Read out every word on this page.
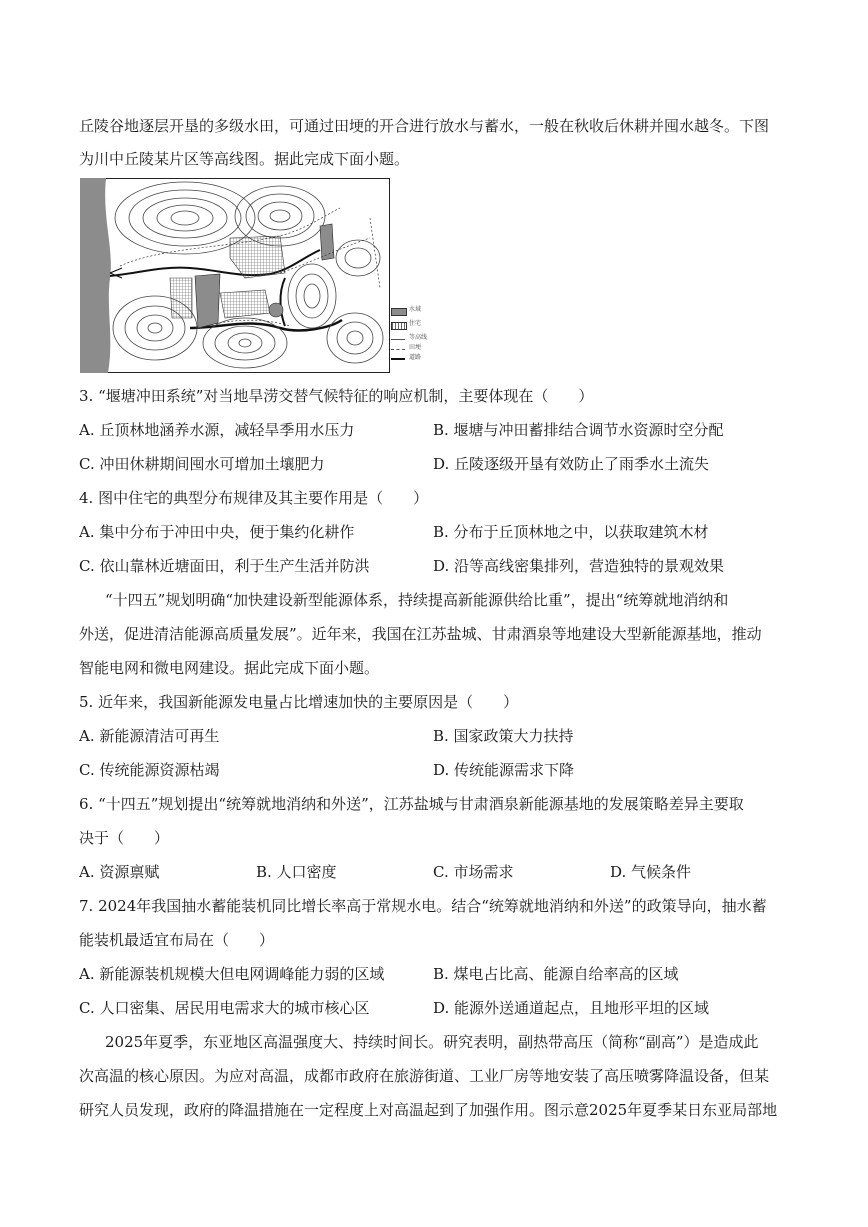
丘陵谷地逐层开垦的多级水田，可通过田埂的开合进行放水与蓄水，一般在秋收后休耕并囤水越冬。下图
为川中丘陵某片区等高线图。据此完成下面小题。
水域
住宅
等高线
田埂
道路
3. “堰塘冲田系统”对当地旱涝交替气候特征的响应机制，主要体现在（　　）
A. 丘顶林地涵养水源，减轻旱季用水压力	B. 堰塘与冲田蓄排结合调节水资源时空分配
C. 冲田休耕期间囤水可增加土壤肥力	D. 丘陵逐级开垦有效防止了雨季水土流失
4. 图中住宅的典型分布规律及其主要作用是（　　）
A. 集中分布于冲田中央，便于集约化耕作	B. 分布于丘顶林地之中，以获取建筑木材
C. 依山靠林近塘面田，利于生产生活并防洪	D. 沿等高线密集排列，营造独特的景观效果
“十四五”规划明确“加快建设新型能源体系，持续提高新能源供给比重”，提出“统筹就地消纳和
外送，促进清洁能源高质量发展”。近年来，我国在江苏盐城、甘肃酒泉等地建设大型新能源基地，推动
智能电网和微电网建设。据此完成下面小题。
5. 近年来，我国新能源发电量占比增速加快的主要原因是（　　）
A. 新能源清洁可再生	B. 国家政策大力扶持
C. 传统能源资源枯竭	D. 传统能源需求下降
6. “十四五”规划提出“统筹就地消纳和外送”，江苏盐城与甘肃酒泉新能源基地的发展策略差异主要取
决于（　　）
A. 资源禀赋	B. 人口密度	C. 市场需求	D. 气候条件
7. 2024年我国抽水蓄能装机同比增长率高于常规水电。结合“统筹就地消纳和外送”的政策导向，抽水蓄
能装机最适宜布局在（　　）
A. 新能源装机规模大但电网调峰能力弱的区域	B. 煤电占比高、能源自给率高的区域
C. 人口密集、居民用电需求大的城市核心区	D. 能源外送通道起点，且地形平坦的区域
2025年夏季，东亚地区高温强度大、持续时间长。研究表明，副热带高压（简称“副高”）是造成此
次高温的核心原因。为应对高温，成都市政府在旅游街道、工业厂房等地安装了高压喷雾降温设备，但某
研究人员发现，政府的降温措施在一定程度上对高温起到了加强作用。图示意2025年夏季某日东亚局部地
